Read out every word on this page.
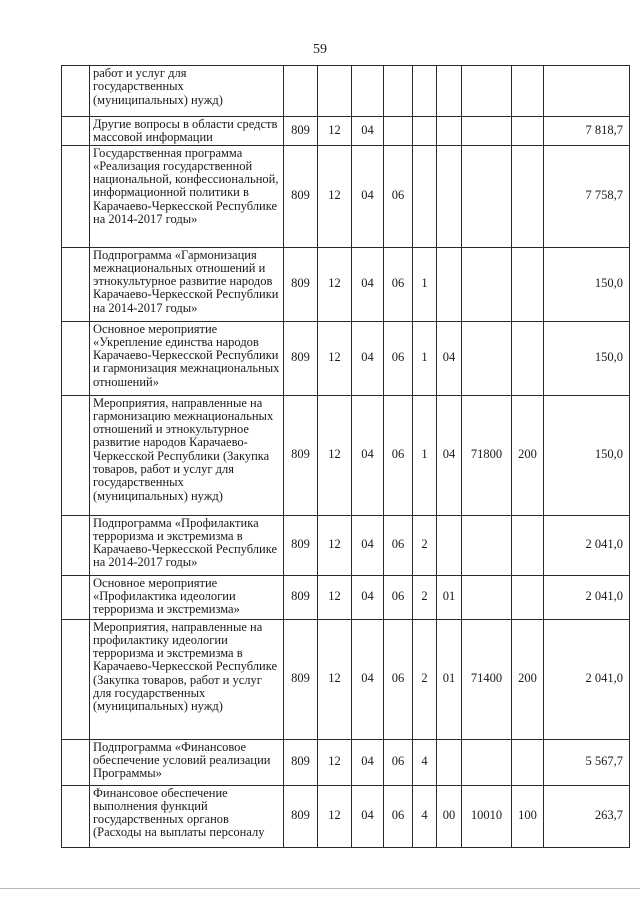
59
	работ и услуг для государственных (муниципальных) нужд)									
	Другие вопросы в области средств массовой информации	809	12	04						7 818,7
	Государственная программа «Реализация государственной национальной, конфессиональной, информационной политики в Карачаево-Черкесской Республике на 2014-2017 годы»	809	12	04	06					7 758,7
	Подпрограмма «Гармонизация межнациональных отношений и этнокультурное развитие народов Карачаево-Черкесской Республики на 2014-2017 годы»	809	12	04	06	1				150,0
	Основное мероприятие «Укрепление единства народов Карачаево-Черкесской Республики и гармонизация межнациональных отношений»	809	12	04	06	1	04			150,0
	Мероприятия, направленные на гармонизацию межнациональных отношений и этнокультурное развитие народов Карачаево-Черкесской Республики (Закупка товаров, работ и услуг для государственных (муниципальных) нужд)	809	12	04	06	1	04	71800	200	150,0
	Подпрограмма «Профилактика терроризма и экстремизма в Карачаево-Черкесской Республике на 2014-2017 годы»	809	12	04	06	2				2 041,0
	Основное мероприятие «Профилактика идеологии терроризма и экстремизма»	809	12	04	06	2	01			2 041,0
	Мероприятия, направленные на профилактику идеологии терроризма и экстремизма в Карачаево-Черкесской Республике (Закупка товаров, работ и услуг для государственных (муниципальных) нужд)	809	12	04	06	2	01	71400	200	2 041,0
	Подпрограмма «Финансовое обеспечение условий реализации Программы»	809	12	04	06	4				5 567,7
	Финансовое обеспечение выполнения функций государственных органов (Расходы на выплаты персоналу	809	12	04	06	4	00	10010	100	263,7
